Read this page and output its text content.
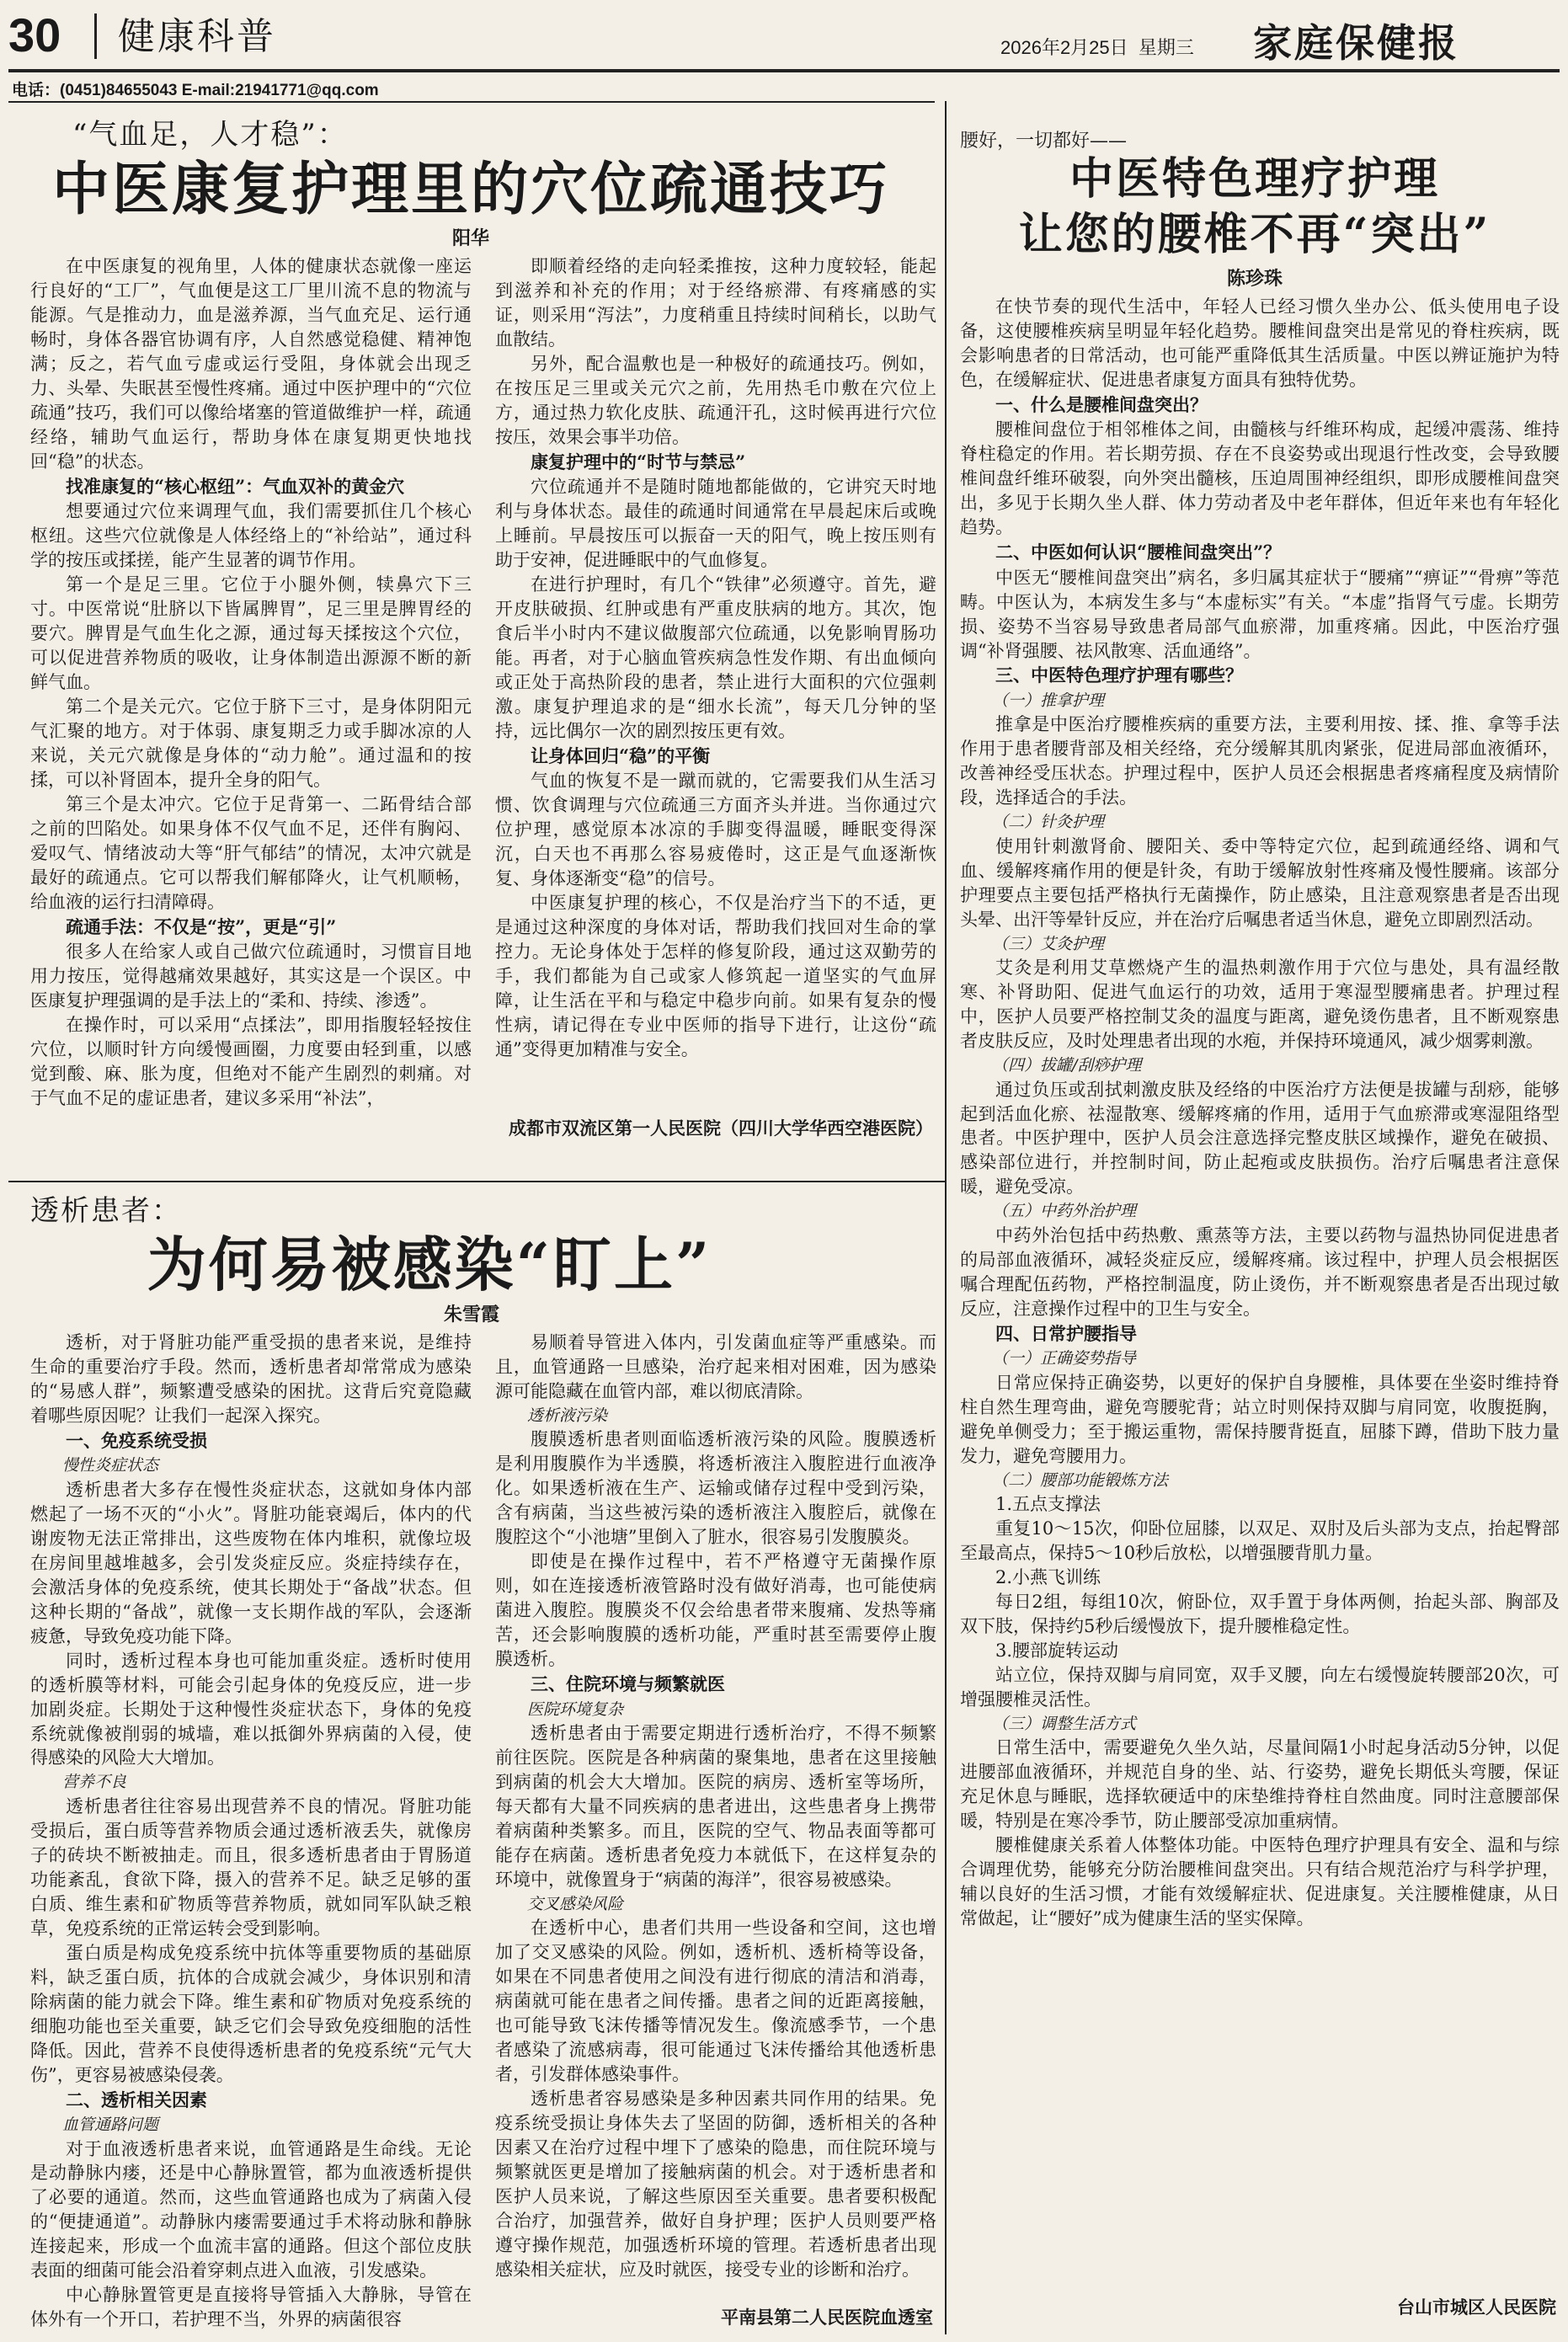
30 健康科普	2026年2月25日 星期三 家庭保健报
电话：(0451)84655043 E-mail:21941771@qq.com
“气血足，人才稳”：
中医康复护理里的穴位疏通技巧
阳华
在中医康复的视角里，人体的健康状态就像一座运行良好的“工厂”，气血便是这工厂里川流不息的物流与能源。气是推动力，血是滋养源，当气血充足、运行通畅时，身体各器官协调有序，人自然感觉稳健、精神饱满；反之，若气血亏虚或运行受阻，身体就会出现乏力、头晕、失眠甚至慢性疼痛。通过中医护理中的“穴位疏通”技巧，我们可以像给堵塞的管道做维护一样，疏通经络，辅助气血运行，帮助身体在康复期更快地找回“稳”的状态。
找准康复的“核心枢纽”：气血双补的黄金穴
想要通过穴位来调理气血，我们需要抓住几个核心枢纽。这些穴位就像是人体经络上的“补给站”，通过科学的按压或揉搓，能产生显著的调节作用。
第一个是足三里。它位于小腿外侧，犊鼻穴下三寸。中医常说“肚脐以下皆属脾胃”，足三里是脾胃经的要穴。脾胃是气血生化之源，通过每天揉按这个穴位，可以促进营养物质的吸收，让身体制造出源源不断的新鲜气血。
第二个是关元穴。它位于脐下三寸，是身体阴阳元气汇聚的地方。对于体弱、康复期乏力或手脚冰凉的人来说，关元穴就像是身体的“动力舱”。通过温和的按揉，可以补肾固本，提升全身的阳气。
第三个是太冲穴。它位于足背第一、二跖骨结合部之前的凹陷处。如果身体不仅气血不足，还伴有胸闷、爱叹气、情绪波动大等“肝气郁结”的情况，太冲穴就是最好的疏通点。它可以帮我们解郁降火，让气机顺畅，给血液的运行扫清障碍。
疏通手法：不仅是“按”，更是“引”
很多人在给家人或自己做穴位疏通时，习惯盲目地用力按压，觉得越痛效果越好，其实这是一个误区。中医康复护理强调的是手法上的“柔和、持续、渗透”。
在操作时，可以采用“点揉法”，即用指腹轻轻按住穴位，以顺时针方向缓慢画圈，力度要由轻到重，以感觉到酸、麻、胀为度，但绝对不能产生剧烈的刺痛。对于气血不足的虚证患者，建议多采用“补法”，
即顺着经络的走向轻柔推按，这种力度较轻，能起到滋养和补充的作用；对于经络瘀滞、有疼痛感的实证，则采用“泻法”，力度稍重且持续时间稍长，以助气血散结。
另外，配合温敷也是一种极好的疏通技巧。例如，在按压足三里或关元穴之前，先用热毛巾敷在穴位上方，通过热力软化皮肤、疏通汗孔，这时候再进行穴位按压，效果会事半功倍。
康复护理中的“时节与禁忌”
穴位疏通并不是随时随地都能做的，它讲究天时地利与身体状态。最佳的疏通时间通常在早晨起床后或晚上睡前。早晨按压可以振奋一天的阳气，晚上按压则有助于安神，促进睡眠中的气血修复。
在进行护理时，有几个“铁律”必须遵守。首先，避开皮肤破损、红肿或患有严重皮肤病的地方。其次，饱食后半小时内不建议做腹部穴位疏通，以免影响胃肠功能。再者，对于心脑血管疾病急性发作期、有出血倾向或正处于高热阶段的患者，禁止进行大面积的穴位强刺激。康复护理追求的是“细水长流”，每天几分钟的坚持，远比偶尔一次的剧烈按压更有效。
让身体回归“稳”的平衡
气血的恢复不是一蹴而就的，它需要我们从生活习惯、饮食调理与穴位疏通三方面齐头并进。当你通过穴位护理，感觉原本冰凉的手脚变得温暖，睡眠变得深沉，白天也不再那么容易疲倦时，这正是气血逐渐恢复、身体逐渐变“稳”的信号。
中医康复护理的核心，不仅是治疗当下的不适，更是通过这种深度的身体对话，帮助我们找回对生命的掌控力。无论身体处于怎样的修复阶段，通过这双勤劳的手，我们都能为自己或家人修筑起一道坚实的气血屏障，让生活在平和与稳定中稳步向前。如果有复杂的慢性病，请记得在专业中医师的指导下进行，让这份“疏通”变得更加精准与安全。
成都市双流区第一人民医院（四川大学华西空港医院）
透析患者：
为何易被感染“盯上”
朱雪霞
透析，对于肾脏功能严重受损的患者来说，是维持生命的重要治疗手段。然而，透析患者却常常成为感染的“易感人群”，频繁遭受感染的困扰。这背后究竟隐藏着哪些原因呢？让我们一起深入探究。
一、免疫系统受损
慢性炎症状态
透析患者大多存在慢性炎症状态，这就如身体内部燃起了一场不灭的“小火”。肾脏功能衰竭后，体内的代谢废物无法正常排出，这些废物在体内堆积，就像垃圾在房间里越堆越多，会引发炎症反应。炎症持续存在，会激活身体的免疫系统，使其长期处于“备战”状态。但这种长期的“备战”，就像一支长期作战的军队，会逐渐疲惫，导致免疫功能下降。
同时，透析过程本身也可能加重炎症。透析时使用的透析膜等材料，可能会引起身体的免疫反应，进一步加剧炎症。长期处于这种慢性炎症状态下，身体的免疫系统就像被削弱的城墙，难以抵御外界病菌的入侵，使得感染的风险大大增加。
营养不良
透析患者往往容易出现营养不良的情况。肾脏功能受损后，蛋白质等营养物质会通过透析液丢失，就像房子的砖块不断被抽走。而且，很多透析患者由于胃肠道功能紊乱，食欲下降，摄入的营养不足。缺乏足够的蛋白质、维生素和矿物质等营养物质，就如同军队缺乏粮草，免疫系统的正常运转会受到影响。
蛋白质是构成免疫系统中抗体等重要物质的基础原料，缺乏蛋白质，抗体的合成就会减少，身体识别和清除病菌的能力就会下降。维生素和矿物质对免疫系统的细胞功能也至关重要，缺乏它们会导致免疫细胞的活性降低。因此，营养不良使得透析患者的免疫系统“元气大伤”，更容易被感染侵袭。
二、透析相关因素
血管通路问题
对于血液透析患者来说，血管通路是生命线。无论是动静脉内瘘，还是中心静脉置管，都为血液透析提供了必要的通道。然而，这些血管通路也成为了病菌入侵的“便捷通道”。动静脉内瘘需要通过手术将动脉和静脉连接起来，形成一个血流丰富的通路。但这个部位皮肤表面的细菌可能会沿着穿刺点进入血液，引发感染。
中心静脉置管更是直接将导管插入大静脉，导管在体外有一个开口，若护理不当，外界的病菌很容
易顺着导管进入体内，引发菌血症等严重感染。而且，血管通路一旦感染，治疗起来相对困难，因为感染源可能隐藏在血管内部，难以彻底清除。
透析液污染
腹膜透析患者则面临透析液污染的风险。腹膜透析是利用腹膜作为半透膜，将透析液注入腹腔进行血液净化。如果透析液在生产、运输或储存过程中受到污染，含有病菌，当这些被污染的透析液注入腹腔后，就像在腹腔这个“小池塘”里倒入了脏水，很容易引发腹膜炎。
即使是在操作过程中，若不严格遵守无菌操作原则，如在连接透析液管路时没有做好消毒，也可能使病菌进入腹腔。腹膜炎不仅会给患者带来腹痛、发热等痛苦，还会影响腹膜的透析功能，严重时甚至需要停止腹膜透析。
三、住院环境与频繁就医
医院环境复杂
透析患者由于需要定期进行透析治疗，不得不频繁前往医院。医院是各种病菌的聚集地，患者在这里接触到病菌的机会大大增加。医院的病房、透析室等场所，每天都有大量不同疾病的患者进出，这些患者身上携带着病菌种类繁多。而且，医院的空气、物品表面等都可能存在病菌。透析患者免疫力本就低下，在这样复杂的环境中，就像置身于“病菌的海洋”，很容易被感染。
交叉感染风险
在透析中心，患者们共用一些设备和空间，这也增加了交叉感染的风险。例如，透析机、透析椅等设备，如果在不同患者使用之间没有进行彻底的清洁和消毒，病菌就可能在患者之间传播。患者之间的近距离接触，也可能导致飞沫传播等情况发生。像流感季节，一个患者感染了流感病毒，很可能通过飞沫传播给其他透析患者，引发群体感染事件。
透析患者容易感染是多种因素共同作用的结果。免疫系统受损让身体失去了坚固的防御，透析相关的各种因素又在治疗过程中埋下了感染的隐患，而住院环境与频繁就医更是增加了接触病菌的机会。对于透析患者和医护人员来说，了解这些原因至关重要。患者要积极配合治疗，加强营养，做好自身护理；医护人员则要严格遵守操作规范，加强透析环境的管理。若透析患者出现感染相关症状，应及时就医，接受专业的诊断和治疗。
平南县第二人民医院血透室
腰好，一切都好——
中医特色理疗护理
让您的腰椎不再“突出”
陈珍珠
在快节奏的现代生活中，年轻人已经习惯久坐办公、低头使用电子设备，这使腰椎疾病呈明显年轻化趋势。腰椎间盘突出是常见的脊柱疾病，既会影响患者的日常活动，也可能严重降低其生活质量。中医以辨证施护为特色，在缓解症状、促进患者康复方面具有独特优势。
一、什么是腰椎间盘突出？
腰椎间盘位于相邻椎体之间，由髓核与纤维环构成，起缓冲震荡、维持脊柱稳定的作用。若长期劳损、存在不良姿势或出现退行性改变，会导致腰椎间盘纤维环破裂，向外突出髓核，压迫周围神经组织，即形成腰椎间盘突出，多见于长期久坐人群、体力劳动者及中老年群体，但近年来也有年轻化趋势。
二、中医如何认识“腰椎间盘突出”？
中医无“腰椎间盘突出”病名，多归属其症状于“腰痛”“痹证”“骨痹”等范畴。中医认为，本病发生多与“本虚标实”有关。“本虚”指肾气亏虚。长期劳损、姿势不当容易导致患者局部气血瘀滞，加重疼痛。因此，中医治疗强调“补肾强腰、祛风散寒、活血通络”。
三、中医特色理疗护理有哪些？
（一）推拿护理
推拿是中医治疗腰椎疾病的重要方法，主要利用按、揉、推、拿等手法作用于患者腰背部及相关经络，充分缓解其肌肉紧张，促进局部血液循环，改善神经受压状态。护理过程中，医护人员还会根据患者疼痛程度及病情阶段，选择适合的手法。
（二）针灸护理
使用针刺激肾俞、腰阳关、委中等特定穴位，起到疏通经络、调和气血、缓解疼痛作用的便是针灸，有助于缓解放射性疼痛及慢性腰痛。该部分护理要点主要包括严格执行无菌操作，防止感染，且注意观察患者是否出现头晕、出汗等晕针反应，并在治疗后嘱患者适当休息，避免立即剧烈活动。
（三）艾灸护理
艾灸是利用艾草燃烧产生的温热刺激作用于穴位与患处，具有温经散寒、补肾助阳、促进气血运行的功效，适用于寒湿型腰痛患者。护理过程中，医护人员要严格控制艾灸的温度与距离，避免烫伤患者，且不断观察患者皮肤反应，及时处理患者出现的水疱，并保持环境通风，减少烟雾刺激。
（四）拔罐/刮痧护理
通过负压或刮拭刺激皮肤及经络的中医治疗方法便是拔罐与刮痧，能够起到活血化瘀、祛湿散寒、缓解疼痛的作用，适用于气血瘀滞或寒湿阻络型患者。中医护理中，医护人员会注意选择完整皮肤区域操作，避免在破损、感染部位进行，并控制时间，防止起疱或皮肤损伤。治疗后嘱患者注意保暖，避免受凉。
（五）中药外治护理
中药外治包括中药热敷、熏蒸等方法，主要以药物与温热协同促进患者的局部血液循环，减轻炎症反应，缓解疼痛。该过程中，护理人员会根据医嘱合理配伍药物，严格控制温度，防止烫伤，并不断观察患者是否出现过敏反应，注意操作过程中的卫生与安全。
四、日常护腰指导
（一）正确姿势指导
日常应保持正确姿势，以更好的保护自身腰椎，具体要在坐姿时维持脊柱自然生理弯曲，避免弯腰驼背；站立时则保持双脚与肩同宽，收腹挺胸，避免单侧受力；至于搬运重物，需保持腰背挺直，屈膝下蹲，借助下肢力量发力，避免弯腰用力。
（二）腰部功能锻炼方法
1.五点支撑法
重复10～15次，仰卧位屈膝，以双足、双肘及后头部为支点，抬起臀部至最高点，保持5～10秒后放松，以增强腰背肌力量。
2.小燕飞训练
每日2组，每组10次，俯卧位，双手置于身体两侧，抬起头部、胸部及双下肢，保持约5秒后缓慢放下，提升腰椎稳定性。
3.腰部旋转运动
站立位，保持双脚与肩同宽，双手叉腰，向左右缓慢旋转腰部20次，可增强腰椎灵活性。
（三）调整生活方式
日常生活中，需要避免久坐久站，尽量间隔1小时起身活动5分钟，以促进腰部血液循环，并规范自身的坐、站、行姿势，避免长期低头弯腰，保证充足休息与睡眠，选择软硬适中的床垫维持脊柱自然曲度。同时注意腰部保暖，特别是在寒冷季节，防止腰部受凉加重病情。
腰椎健康关系着人体整体功能。中医特色理疗护理具有安全、温和与综合调理优势，能够充分防治腰椎间盘突出。只有结合规范治疗与科学护理，辅以良好的生活习惯，才能有效缓解症状、促进康复。关注腰椎健康，从日常做起，让“腰好”成为健康生活的坚实保障。
台山市城区人民医院
